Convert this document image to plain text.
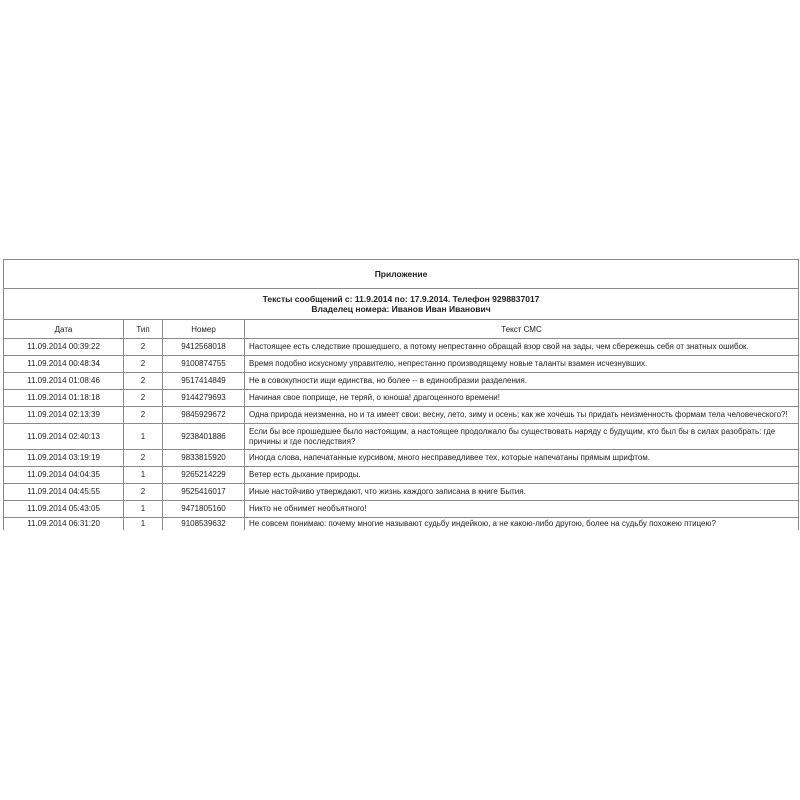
Приложение			

Тексты сообщений с: 11.9.2014 по: 17.9.2014. Телефон 9298837017
Владелец номера: Иванов Иван Иванович			

Дата	Тип	Номер	Текст СМС
11.09.2014 00:39:22	2	9412568018	Настоящее есть следствие прошедшего, а потому непрестанно обращай взор свой на зады, чем сбережешь себя от знатных ошибок.
11.09.2014 00:48:34	2	9100874755	Время подобно искусному управителю, непрестанно производящему новые таланты взамен исчезнувших.
11.09.2014 01:08:46	2	9517414849	Не в совокупности ищи единства, но более -- в единообразии разделения.
11.09.2014 01:18:18	2	9144279693	Начиная свое поприще, не теряй, о юноша! драгоценного времени!
11.09.2014 02:13:39	2	9845929672	Одна природа неизменна, но и та имеет свои: весну, лето, зиму и осень; как же хочешь ты придать неизменность формам тела человеческого?!
11.09.2014 02:40:13	1	9238401886	Если бы все прошедшее было настоящим, а настоящее продолжало бы существовать наряду с будущим, кто был бы в силах разобрать: где причины и где последствия?
11.09.2014 03:19:19	2	9833815920	Иногда слова, напечатанные курсивом, много несправедливее тех, которые напечатаны прямым шрифтом.
11.09.2014 04:04:35	1	9265214229	Ветер есть дыхание природы.
11.09.2014 04:45:55	2	9525416017	Иные настойчиво утверждают, что жизнь каждого записана в книге Бытия.
11.09.2014 05:43:05	1	9471805160	Никто не обнимет необъятного!
11.09.2014 06:31:20	1	9108539632	Не совсем понимаю: почему многие называют судьбу индейкою, а не какою-либо другою, более на судьбу похожею птицею?
